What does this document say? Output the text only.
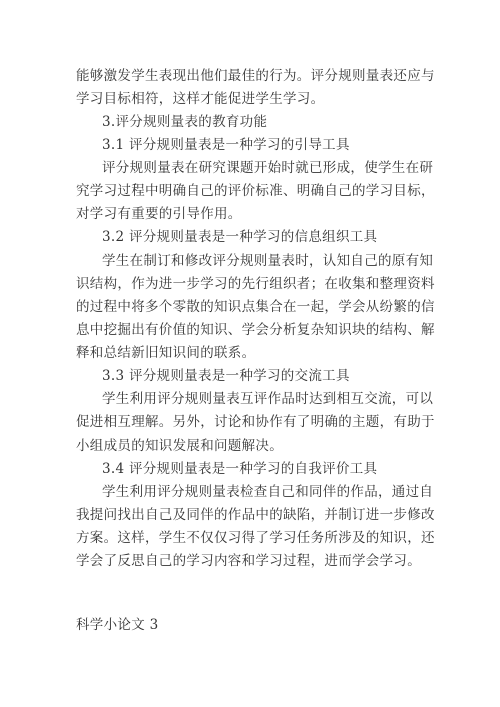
能够激发学生表现出他们最佳的行为。评分规则量表还应与
学习目标相符，这样才能促进学生学习。
3.评分规则量表的教育功能
3.1 评分规则量表是一种学习的引导工具
评分规则量表在研究课题开始时就已形成，使学生在研
究学习过程中明确自己的评价标准、明确自己的学习目标，
对学习有重要的引导作用。
3.2 评分规则量表是一种学习的信息组织工具
学生在制订和修改评分规则量表时，认知自己的原有知
识结构，作为进一步学习的先行组织者；在收集和整理资料
的过程中将多个零散的知识点集合在一起，学会从纷繁的信
息中挖掘出有价值的知识、学会分析复杂知识块的结构、解
释和总结新旧知识间的联系。
3.3 评分规则量表是一种学习的交流工具
学生利用评分规则量表互评作品时达到相互交流，可以
促进相互理解。另外，讨论和协作有了明确的主题，有助于
小组成员的知识发展和问题解决。
3.4 评分规则量表是一种学习的自我评价工具
学生利用评分规则量表检查自己和同伴的作品，通过自
我提问找出自己及同伴的作品中的缺陷，并制订进一步修改
方案。这样，学生不仅仅习得了学习任务所涉及的知识，还
学会了反思自己的学习内容和学习过程，进而学会学习。
科学小论文 3
